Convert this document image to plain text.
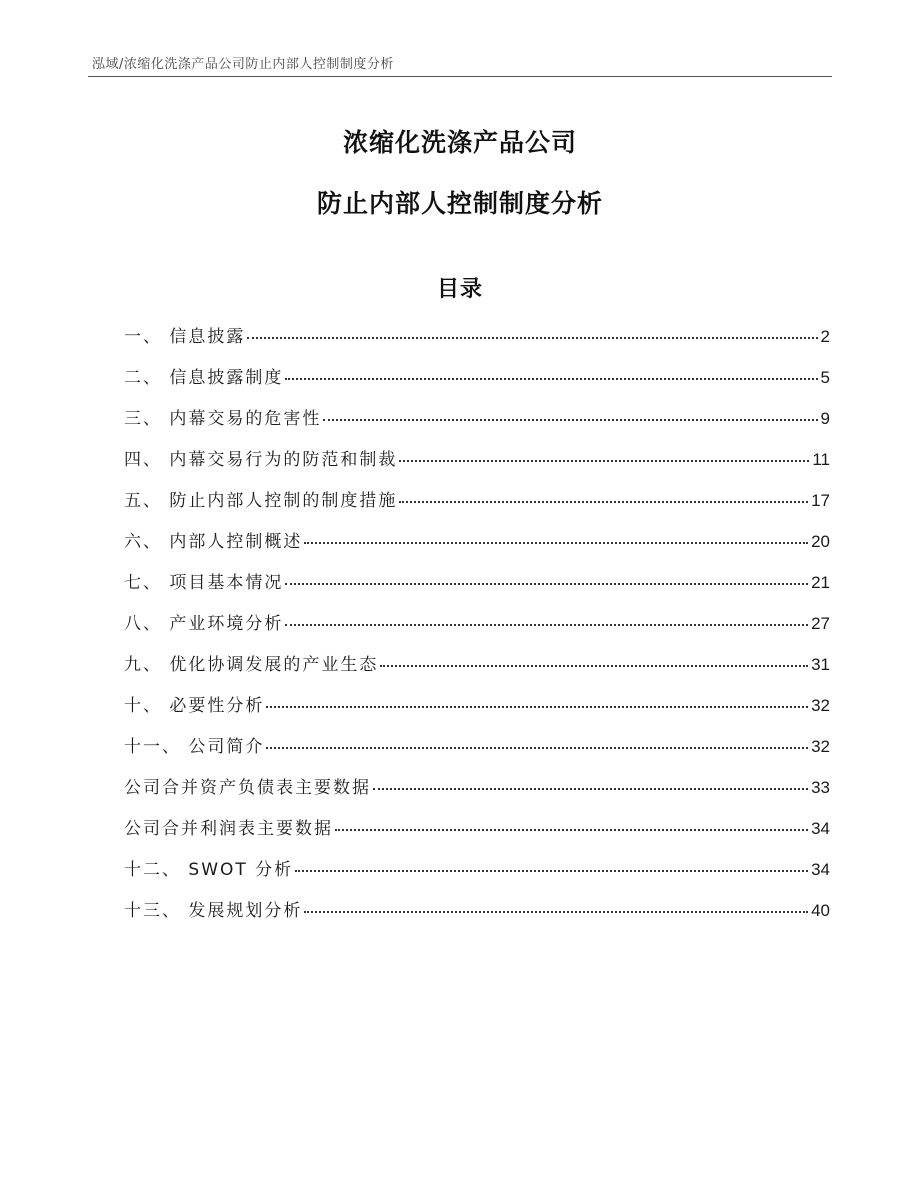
泓域/浓缩化洗涤产品公司防止内部人控制制度分析
浓缩化洗涤产品公司
防止内部人控制制度分析
目录
一、 信息披露	2
二、 信息披露制度	5
三、 内幕交易的危害性	9
四、 内幕交易行为的防范和制裁	11
五、 防止内部人控制的制度措施	17
六、 内部人控制概述	20
七、 项目基本情况	21
八、 产业环境分析	27
九、 优化协调发展的产业生态	31
十、 必要性分析	32
十一、 公司简介	32
公司合并资产负债表主要数据	33
公司合并利润表主要数据	34
十二、 SWOT 分析	34
十三、 发展规划分析	40
